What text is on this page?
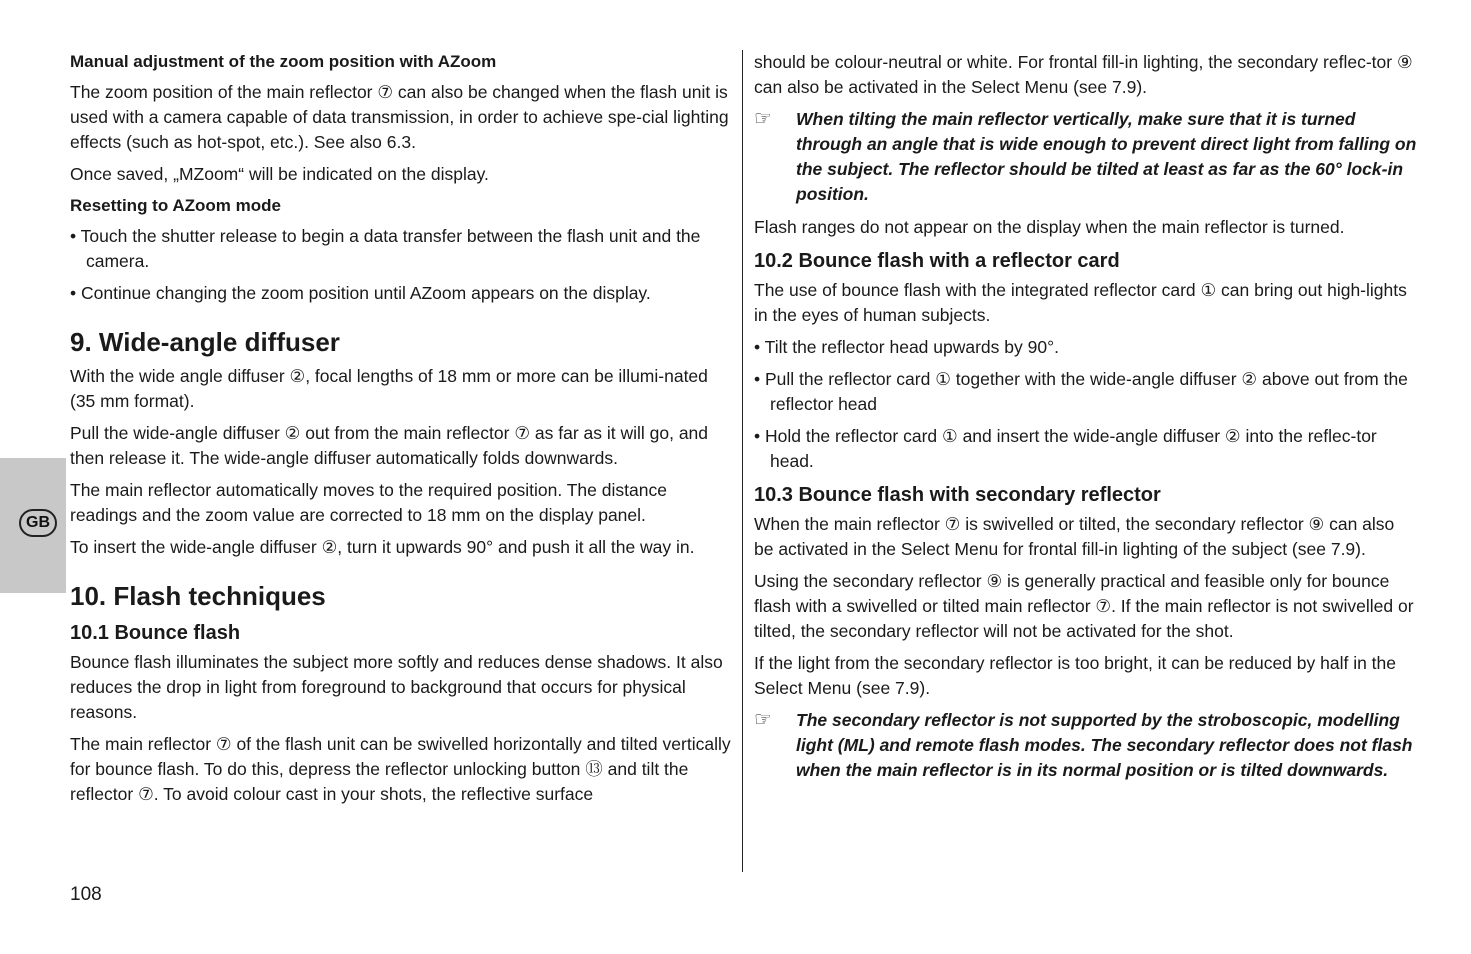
GB
Manual adjustment of the zoom position with AZoom

The zoom position of the main reflector ⑦ can also be changed when the flash unit is used with a camera capable of data transmission, in order to achieve spe-cial lighting effects (such as hot-spot, etc.). See also 6.3.

Once saved, „MZoom“ will be indicated on the display.

Resetting to AZoom mode

• Touch the shutter release to begin a data transfer between the flash unit and the camera.

• Continue changing the zoom position until AZoom appears on the display.

9. Wide-angle diffuser

With the wide angle diffuser ②, focal lengths of 18 mm or more can be illumi-nated (35 mm format).

Pull the wide-angle diffuser ② out from the main reflector ⑦ as far as it will go, and then release it. The wide-angle diffuser automatically folds downwards.

The main reflector automatically moves to the required position. The distance readings and the zoom value are corrected to 18 mm on the display panel.

To insert the wide-angle diffuser ②, turn it upwards 90° and push it all the way in.

10. Flash techniques
10.1 Bounce flash

Bounce flash illuminates the subject more softly and reduces dense shadows. It also reduces the drop in light from foreground to background that occurs for physical reasons.

The main reflector ⑦ of the flash unit can be swivelled horizontally and tilted vertically for bounce flash. To do this, depress the reflector unlocking button ⑬ and tilt the reflector ⑦. To avoid colour cast in your shots, the reflective surface

should be colour-neutral or white. For frontal fill-in lighting, the secondary reflec-tor ⑨ can also be activated in the Select Menu (see 7.9).

☞	When tilting the main reflector vertically, make sure that it is turned through an angle that is wide enough to prevent direct light from falling on the subject. The reflector should be tilted at least as far as the 60° lock-in position.

Flash ranges do not appear on the display when the main reflector is turned.

10.2 Bounce flash with a reflector card

The use of bounce flash with the integrated reflector card ① can bring out high-lights in the eyes of human subjects.

• Tilt the reflector head upwards by 90°.

• Pull the reflector card ① together with the wide-angle diffuser ② above out from the reflector head

• Hold the reflector card ① and insert the wide-angle diffuser ② into the reflec-tor head.

10.3 Bounce flash with secondary reflector

When the main reflector ⑦ is swivelled or tilted, the secondary reflector ⑨ can also be activated in the Select Menu for frontal fill-in lighting of the subject (see 7.9).

Using the secondary reflector ⑨ is generally practical and feasible only for bounce flash with a swivelled or tilted main reflector ⑦. If the main reflector is not swivelled or tilted, the secondary reflector will not be activated for the shot.

If the light from the secondary reflector is too bright, it can be reduced by half in the Select Menu (see 7.9).

☞	The secondary reflector is not supported by the stroboscopic, modelling light (ML) and remote flash modes. The secondary reflector does not flash when the main reflector is in its normal position or is tilted downwards.

108
